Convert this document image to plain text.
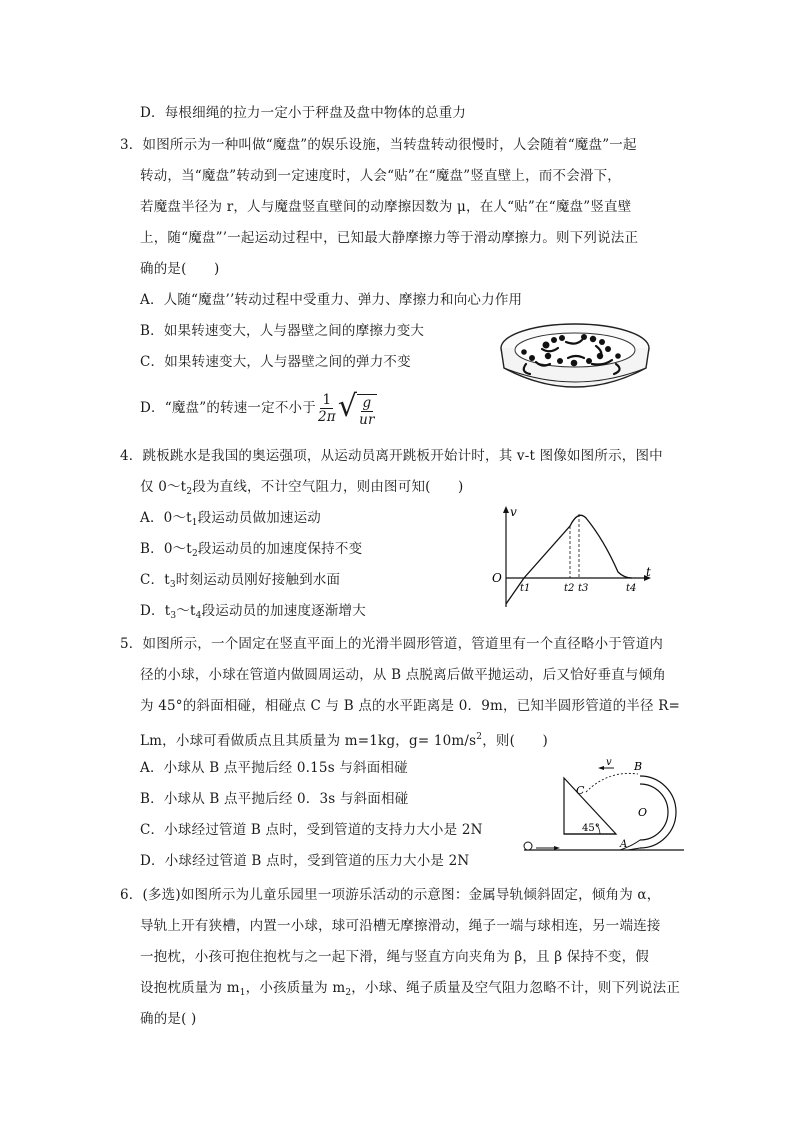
D．每根细绳的拉力一定小于秤盘及盘中物体的总重力
3．如图所示为一种叫做“魔盘”的娱乐设施，当转盘转动很慢时，人会随着“魔盘”一起
转动，当“魔盘”转动到一定速度时，人会“贴”在“魔盘”竖直壁上，而不会滑下，
若魔盘半径为 r，人与魔盘竖直壁间的动摩擦因数为 μ，在人“贴”在“魔盘”竖直壁
上，随“魔盘”’一起运动过程中，已知最大静摩擦力等于滑动摩擦力。则下列说法正
确的是(　　)
A．人随“魔盘’’转动过程中受重力、弹力、摩擦力和向心力作用
B．如果转速变大，人与器壁之间的摩擦力变大
C．如果转速变大，人与器壁之间的弹力不变
D．“魔盘”的转速一定不小于 $\frac{1}{2\pi}$ √ g
ur
4．跳板跳水是我国的奥运强项，从运动员离开跳板开始计时，其 v-t 图像如图所示，图中
仅 $0\sim t_2$段为直线，不计空气阻力，则由图可知(　　)
A．$0\sim t_1$段运动员做加速运动
B．$0\sim t_2$段运动员的加速度保持不变
C．$t_3$时刻运动员刚好接触到水面
D．$t_3\sim t_4$段运动员的加速度逐渐增大
v
t
O
t1	t2 t3	t4
5．如图所示，一个固定在竖直平面上的光滑半圆形管道，管道里有一个直径略小于管道内
径的小球，小球在管道内做圆周运动，从 B 点脱离后做平抛运动，后又恰好垂直与倾角
为 45°的斜面相碰，相碰点 C 与 B 点的水平距离是 0．9m，已知半圆形管道的半径 R=
Lm，小球可看做质点且其质量为 m=1kg，$g= 10m/s^2$，则(　　)
A．小球从 B 点平抛后经 0.15s 与斜面相碰
B．小球从 B 点平抛后经 0．3s 与斜面相碰
C．小球经过管道 B 点时，受到管道的支持力大小是 2N
D．小球经过管道 B 点时，受到管道的压力大小是 2N
45°
C
v B
O
A
6．(多选)如图所示为儿童乐园里一项游乐活动的示意图：金属导轨倾斜固定，倾角为 α，
导轨上开有狭槽，内置一小球，球可沿槽无摩擦滑动，绳子一端与球相连，另一端连接
一抱枕，小孩可抱住抱枕与之一起下滑，绳与竖直方向夹角为 β，且 β 保持不变，假
设抱枕质量为 $m_1$，小孩质量为 $m_2$，小球、绳子质量及空气阻力忽略不计，则下列说法正
确的是( )
